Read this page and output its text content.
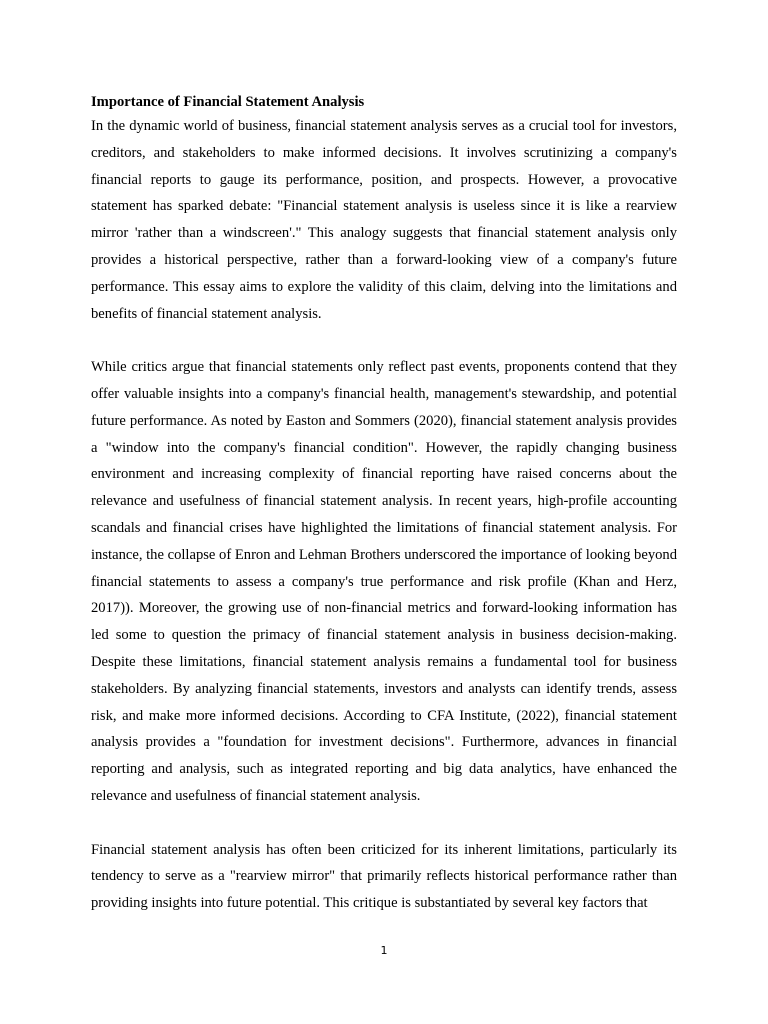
Importance of Financial Statement Analysis

In the dynamic world of business, financial statement analysis serves as a crucial tool for investors, creditors, and stakeholders to make informed decisions. It involves scrutinizing a company's financial reports to gauge its performance, position, and prospects. However, a provocative statement has sparked debate: "Financial statement analysis is useless since it is like a rearview mirror 'rather than a windscreen'." This analogy suggests that financial statement analysis only provides a historical perspective, rather than a forward-looking view of a company's future performance. This essay aims to explore the validity of this claim, delving into the limitations and benefits of financial statement analysis.

While critics argue that financial statements only reflect past events, proponents contend that they offer valuable insights into a company's financial health, management's stewardship, and potential future performance. As noted by Easton and Sommers (2020), financial statement analysis provides a "window into the company's financial condition". However, the rapidly changing business environment and increasing complexity of financial reporting have raised concerns about the relevance and usefulness of financial statement analysis. In recent years, high-profile accounting scandals and financial crises have highlighted the limitations of financial statement analysis. For instance, the collapse of Enron and Lehman Brothers underscored the importance of looking beyond financial statements to assess a company's true performance and risk profile (Khan and Herz, 2017)). Moreover, the growing use of non-financial metrics and forward-looking information has led some to question the primacy of financial statement analysis in business decision-making. Despite these limitations, financial statement analysis remains a fundamental tool for business stakeholders. By analyzing financial statements, investors and analysts can identify trends, assess risk, and make more informed decisions. According to CFA Institute, (2022), financial statement analysis provides a "foundation for investment decisions". Furthermore, advances in financial reporting and analysis, such as integrated reporting and big data analytics, have enhanced the relevance and usefulness of financial statement analysis.

Financial statement analysis has often been criticized for its inherent limitations, particularly its tendency to serve as a "rearview mirror" that primarily reflects historical performance rather than providing insights into future potential. This critique is substantiated by several key factors that

1
